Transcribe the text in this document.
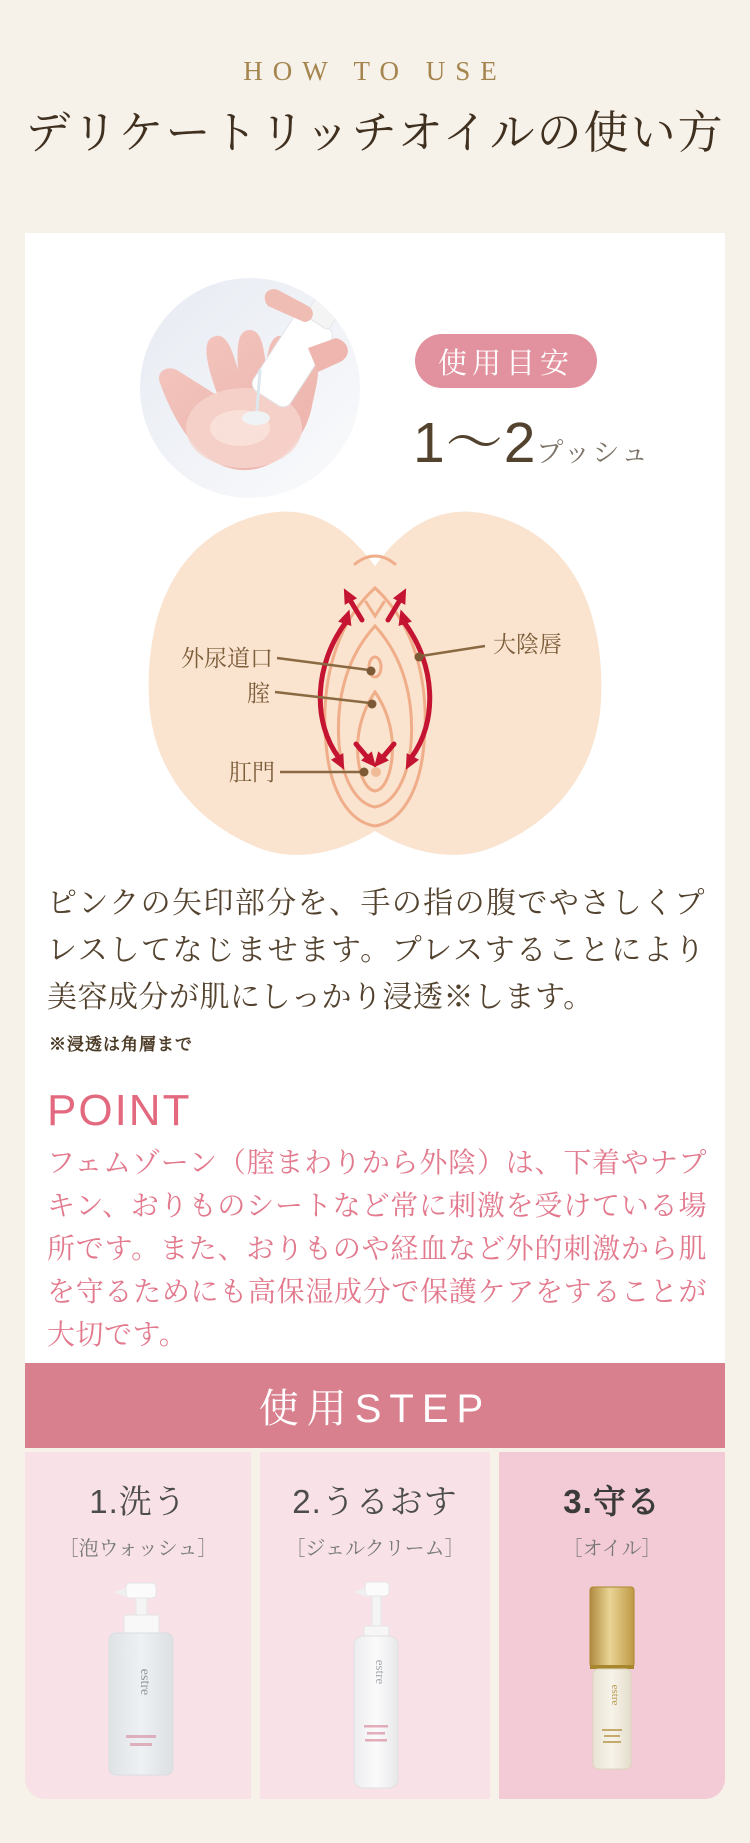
HOW TO USE
デリケートリッチオイルの使い方
使用目安
1〜2プッシュ
外尿道口
腟
大陰唇
肛門
ピンクの矢印部分を、手の指の腹でやさしくプレスしてなじませます。プレスすることにより美容成分が肌にしっかり浸透※します。
※浸透は角層まで
POINT
フェムゾーン（腟まわりから外陰）は、下着やナプキン、おりものシートなど常に刺激を受けている場所です。また、おりものや経血など外的刺激から肌を守るためにも高保湿成分で保護ケアをすることが大切です。
使用STEP
1.洗う
［泡ウォッシュ］
estre
2.うるおす
［ジェルクリーム］
estre
3.守る
［オイル］
estre
